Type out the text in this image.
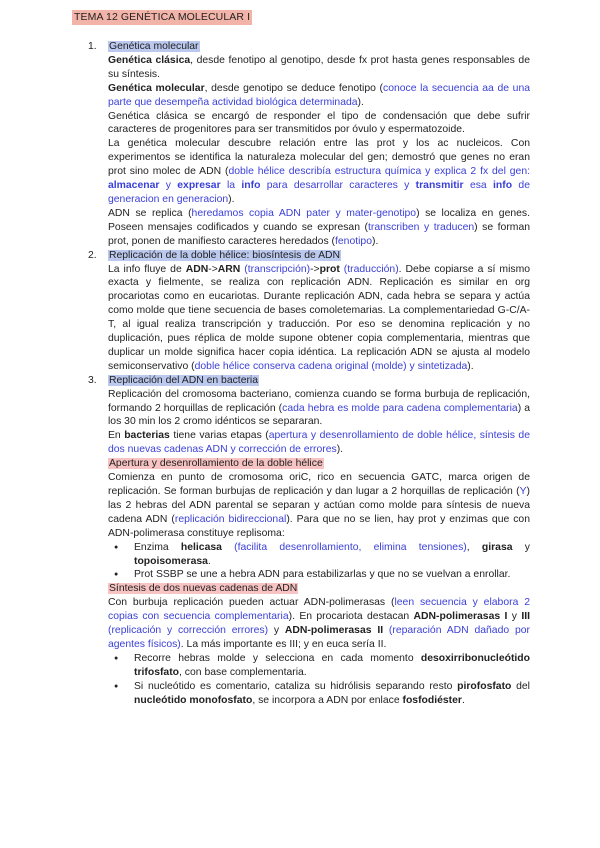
TEMA 12 GENÉTICA MOLECULAR I
1. Genética molecular

Genética clásica, desde fenotipo al genotipo, desde fx prot hasta genes responsables de su síntesis.

Genética molecular, desde genotipo se deduce fenotipo (conoce la secuencia aa de una parte que desempeña actividad biológica determinada).

Genética clásica se encargó de responder el tipo de condensación que debe sufrir caracteres de progenitores para ser transmitidos por óvulo y espermatozoide.

La genética molecular descubre relación entre las prot y los ac nucleicos. Con experimentos se identifica la naturaleza molecular del gen; demostró que genes no eran prot sino molec de ADN (doble hélice describía estructura química y explica 2 fx del gen: almacenar y expresar la info para desarrollar caracteres y transmitir esa info de generacion en generacion).

ADN se replica (heredamos copia ADN pater y mater-genotipo) se localiza en genes. Poseen mensajes codificados y cuando se expresan (transcriben y traducen) se forman prot, ponen de manifiesto caracteres heredados (fenotipo).

2. Replicación de la doble hélice: biosíntesis de ADN

La info fluye de ADN->ARN (transcripción)->prot (traducción). Debe copiarse a sí mismo exacta y fielmente, se realiza con replicación ADN. Replicación es similar en org procariotas como en eucariotas. Durante replicación ADN, cada hebra se separa y actúa como molde que tiene secuencia de bases comoletemarias. La complementariedad G-C/A-T, al igual realiza transcripción y traducción. Por eso se denomina replicación y no duplicación, pues réplica de molde supone obtener copia complementaria, mientras que duplicar un molde significa hacer copia idéntica. La replicación ADN se ajusta al modelo semiconservativo (doble hélice conserva cadena original (molde) y sintetizada).

3. Replicación del ADN en bacteria

Replicación del cromosoma bacteriano, comienza cuando se forma burbuja de replicación, formando 2 horquillas de replicación (cada hebra es molde para cadena complementaria) a los 30 min los 2 cromo idénticos se separaran.

En bacterias tiene varias etapas (apertura y desenrollamiento de doble hélice, síntesis de dos nuevas cadenas ADN y corrección de errores).

Apertura y desenrollamiento de la doble hélice

Comienza en punto de cromosoma oriC, rico en secuencia GATC, marca origen de replicación. Se forman burbujas de replicación y dan lugar a 2 horquillas de replicación (Y) las 2 hebras del ADN parental se separan y actúan como molde para síntesis de nueva cadena ADN (replicación bidireccional). Para que no se lien, hay prot y enzimas que con ADN-polimerasa constituye replisoma:

● Enzima helicasa (facilita desenrollamiento, elimina tensiones), girasa y topoisomerasa.
● Prot SSBP se une a hebra ADN para estabilizarlas y que no se vuelvan a enrollar.

Síntesis de dos nuevas cadenas de ADN

Con burbuja replicación pueden actuar ADN-polimerasas (leen secuencia y elabora 2 copias con secuencia complementaria). En procariota destacan ADN-polimerasas I y III (replicación y corrección errores) y ADN-polimerasas II (reparación ADN dañado por agentes físicos). La más importante es III; y en euca sería II.

● Recorre hebras molde y selecciona en cada momento desoxirribonucleótido trifosfato, con base complementaria.
● Si nucleótido es comentario, cataliza su hidrólisis separando resto pirofosfato del nucleótido monofosfato, se incorpora a ADN por enlace fosfodiéster.
